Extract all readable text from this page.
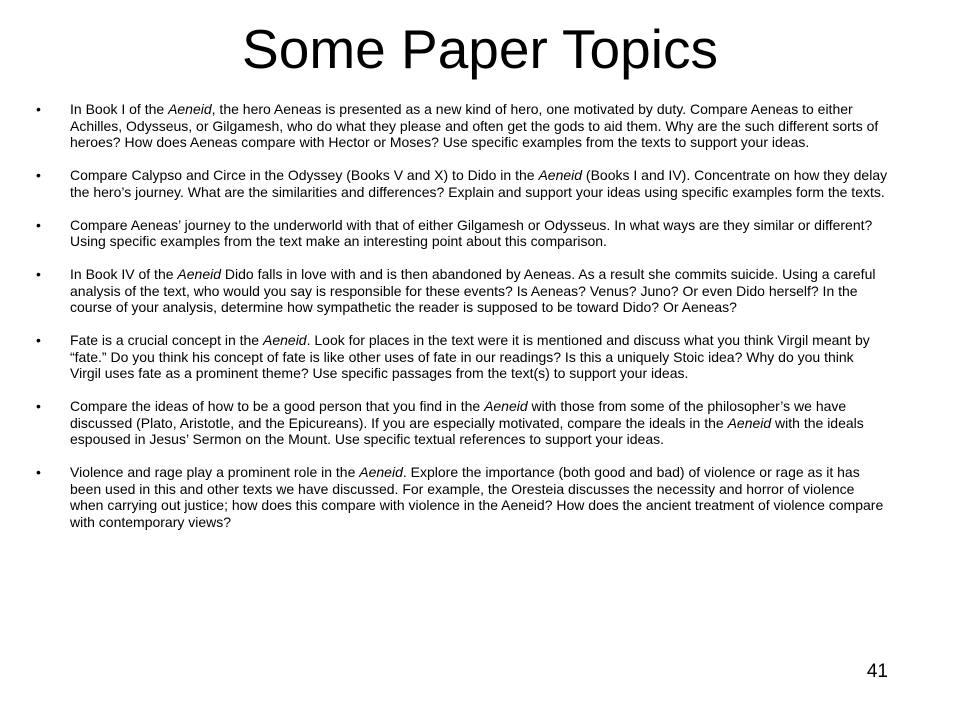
Some Paper Topics
•	In Book I of the Aeneid, the hero Aeneas is presented as a new kind of hero, one motivated by duty. Compare Aeneas to either Achilles, Odysseus, or Gilgamesh, who do what they please and often get the gods to aid them. Why are the such different sorts of heroes? How does Aeneas compare with Hector or Moses? Use specific examples from the texts to support your ideas.
•	Compare Calypso and Circe in the Odyssey (Books V and X) to Dido in the Aeneid (Books I and IV). Concentrate on how they delay the hero’s journey. What are the similarities and differences? Explain and support your ideas using specific examples form the texts.
•	Compare Aeneas’ journey to the underworld with that of either Gilgamesh or Odysseus. In what ways are they similar or different? Using specific examples from the text make an interesting point about this comparison.
•	In Book IV of the Aeneid Dido falls in love with and is then abandoned by Aeneas. As a result she commits suicide. Using a careful analysis of the text, who would you say is responsible for these events? Is Aeneas? Venus? Juno? Or even Dido herself? In the course of your analysis, determine how sympathetic the reader is supposed to be toward Dido? Or Aeneas?
•	Fate is a crucial concept in the Aeneid. Look for places in the text were it is mentioned and discuss what you think Virgil meant by “fate.” Do you think his concept of fate is like other uses of fate in our readings? Is this a uniquely Stoic idea? Why do you think Virgil uses fate as a prominent theme? Use specific passages from the text(s) to support your ideas.
•	Compare the ideas of how to be a good person that you find in the Aeneid with those from some of the philosopher’s we have discussed (Plato, Aristotle, and the Epicureans). If you are especially motivated, compare the ideals in the Aeneid with the ideals espoused in Jesus’ Sermon on the Mount. Use specific textual references to support your ideas.
•	Violence and rage play a prominent role in the Aeneid. Explore the importance (both good and bad) of violence or rage as it has been used in this and other texts we have discussed. For example, the Oresteia discusses the necessity and horror of violence when carrying out justice; how does this compare with violence in the Aeneid? How does the ancient treatment of violence compare with contemporary views?
41
